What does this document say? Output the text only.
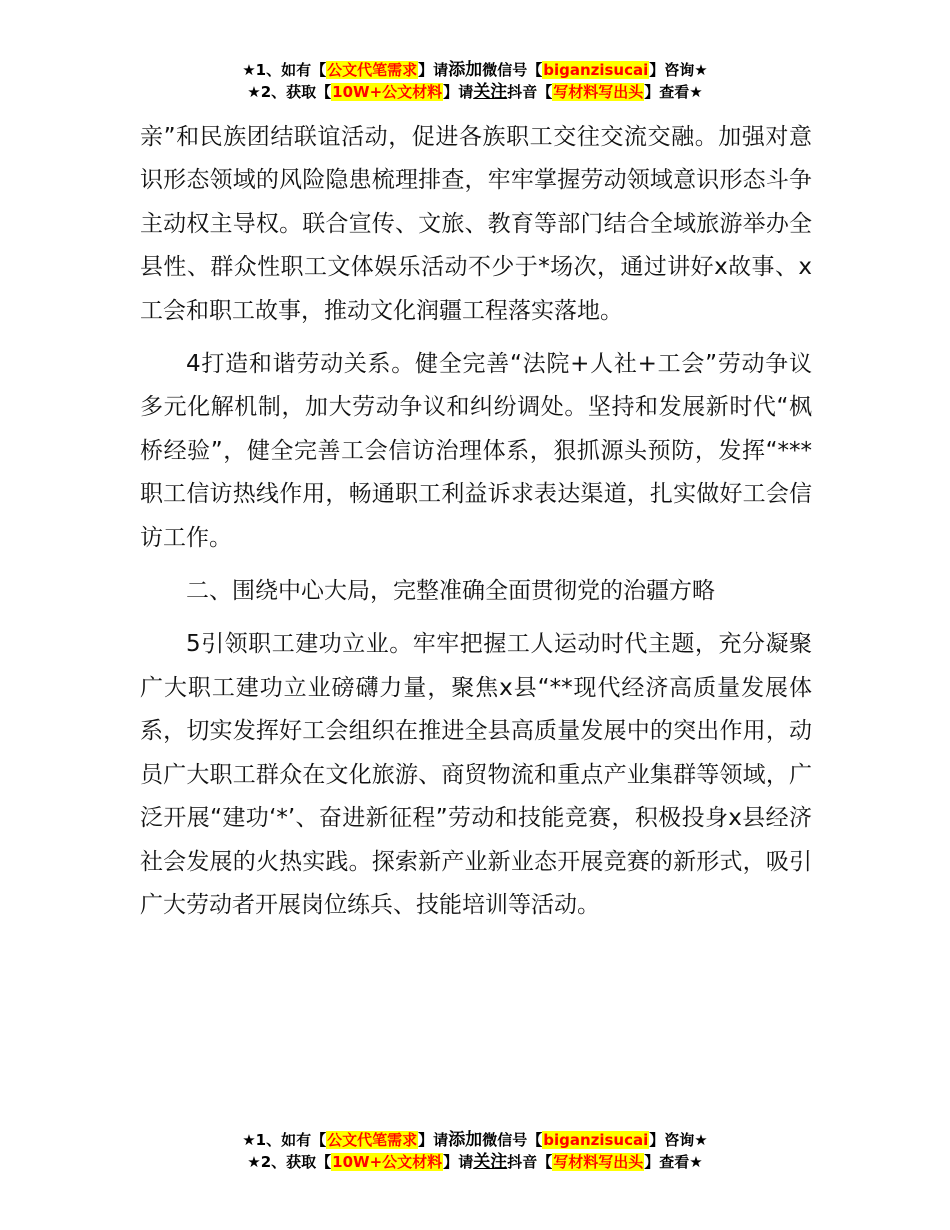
★1、如有【公文代笔需求】请添加微信号【biganzisucai】咨询★
★2、获取【10W+公文材料】请关注抖音【写材料写出头】查看★

亲”和民族团结联谊活动，促进各族职工交往交流交融。加强对意识形态领域的风险隐患梳理排查，牢牢掌握劳动领域意识形态斗争主动权主导权。联合宣传、文旅、教育等部门结合全域旅游举办全县性、群众性职工文体娱乐活动不少于*场次，通过讲好x故事、x工会和职工故事，推动文化润疆工程落实落地。

4打造和谐劳动关系。健全完善“法院+人社+工会”劳动争议多元化解机制，加大劳动争议和纠纷调处。坚持和发展新时代“枫桥经验”，健全完善工会信访治理体系，狠抓源头预防，发挥“***职工信访热线作用，畅通职工利益诉求表达渠道，扎实做好工会信访工作。

二、围绕中心大局，完整准确全面贯彻党的治疆方略

5引领职工建功立业。牢牢把握工人运动时代主题，充分凝聚广大职工建功立业磅礴力量，聚焦x县“**现代经济高质量发展体系，切实发挥好工会组织在推进全县高质量发展中的突出作用，动员广大职工群众在文化旅游、商贸物流和重点产业集群等领域，广泛开展“建功‘*’、奋进新征程”劳动和技能竞赛，积极投身x县经济社会发展的火热实践。探索新产业新业态开展竞赛的新形式，吸引广大劳动者开展岗位练兵、技能培训等活动。

★1、如有【公文代笔需求】请添加微信号【biganzisucai】咨询★
★2、获取【10W+公文材料】请关注抖音【写材料写出头】查看★
